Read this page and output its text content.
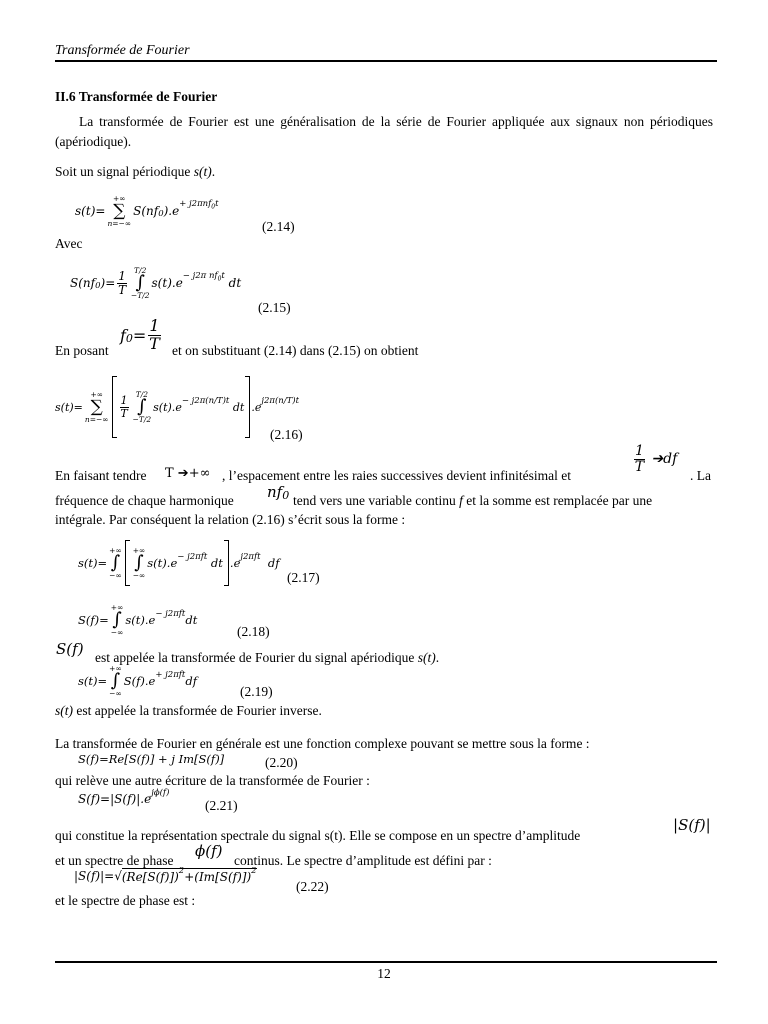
Transformée de Fourier
II.6 Transformée de Fourier
La transformée de Fourier est une généralisation de la série de Fourier appliquée aux signaux non périodiques (apériodique).
Soit un signal périodique s(t).
s ( t )=
+∞
∑
n=−∞
S ( nf 0 ). e + j2πnf$_0$t
(2.14)
Avec
S ( nf 0 )= $\frac{1}{T} T/2$
∫
−T/2
s ( t ). e − j2π $nf_0t$ dt
(2.15)
En posant
f $0 = \frac{1}{T}$ et on substituant (2.14) dans (2.15) on obtient
s ( t )=
+∞
∑
$n=-\infty \frac{1}{T}$
T/2
∫
−T/2
s ( t ). e − j2π(n/T)t dt . e j2π(n/T)t
(2.16)
En faisant tendre	T ➔+∞ , l’espacement entre les raies successives devient infinitésimal et
$\frac{1}{T}$ ➔ df
. La
fréquence de chaque harmonique	nf 0 tend vers une variable continu f et la somme est remplacée par une
intégrale. Par conséquent la relation (2.16) s’écrit sous la forme :
s ( t )=
+∞
∫
−∞
+∞
∫
−∞
s ( t ). e − j2πft dt . e j2πft df
(2.17)
S ( f )=
+∞
∫
−∞
s ( t ). e − j2πft dt
(2.18)
S ( f ) est appelée la transformée de Fourier du signal apériodique s(t).
s ( t )=
+∞
∫
−∞
S ( f ). e + j2πft df
(2.19)
s(t) est appelée la transformée de Fourier inverse.
La transformée de Fourier en générale est une fonction complexe pouvant se mettre sous la forme :
S ( f )=Re [ S ( f )] + j Im [ S ( f )]	(2.20)
qui relève une autre écriture de la transformée de Fourier :
S ( f )=| S ( f )|. e jϕ(f)
(2.21)
qui constitue la représentation spectrale du signal s(t). Elle se compose en un spectre d’amplitude
| S ( f )|
et un spectre de phase
ϕ ( f )
continus. Le spectre d’amplitude est défini par :
| S ( f )|=√ (Re[ S ( f )]) 2 +(Im[ S ( f )]) 2
(2.22)
et le spectre de phase est :
12
